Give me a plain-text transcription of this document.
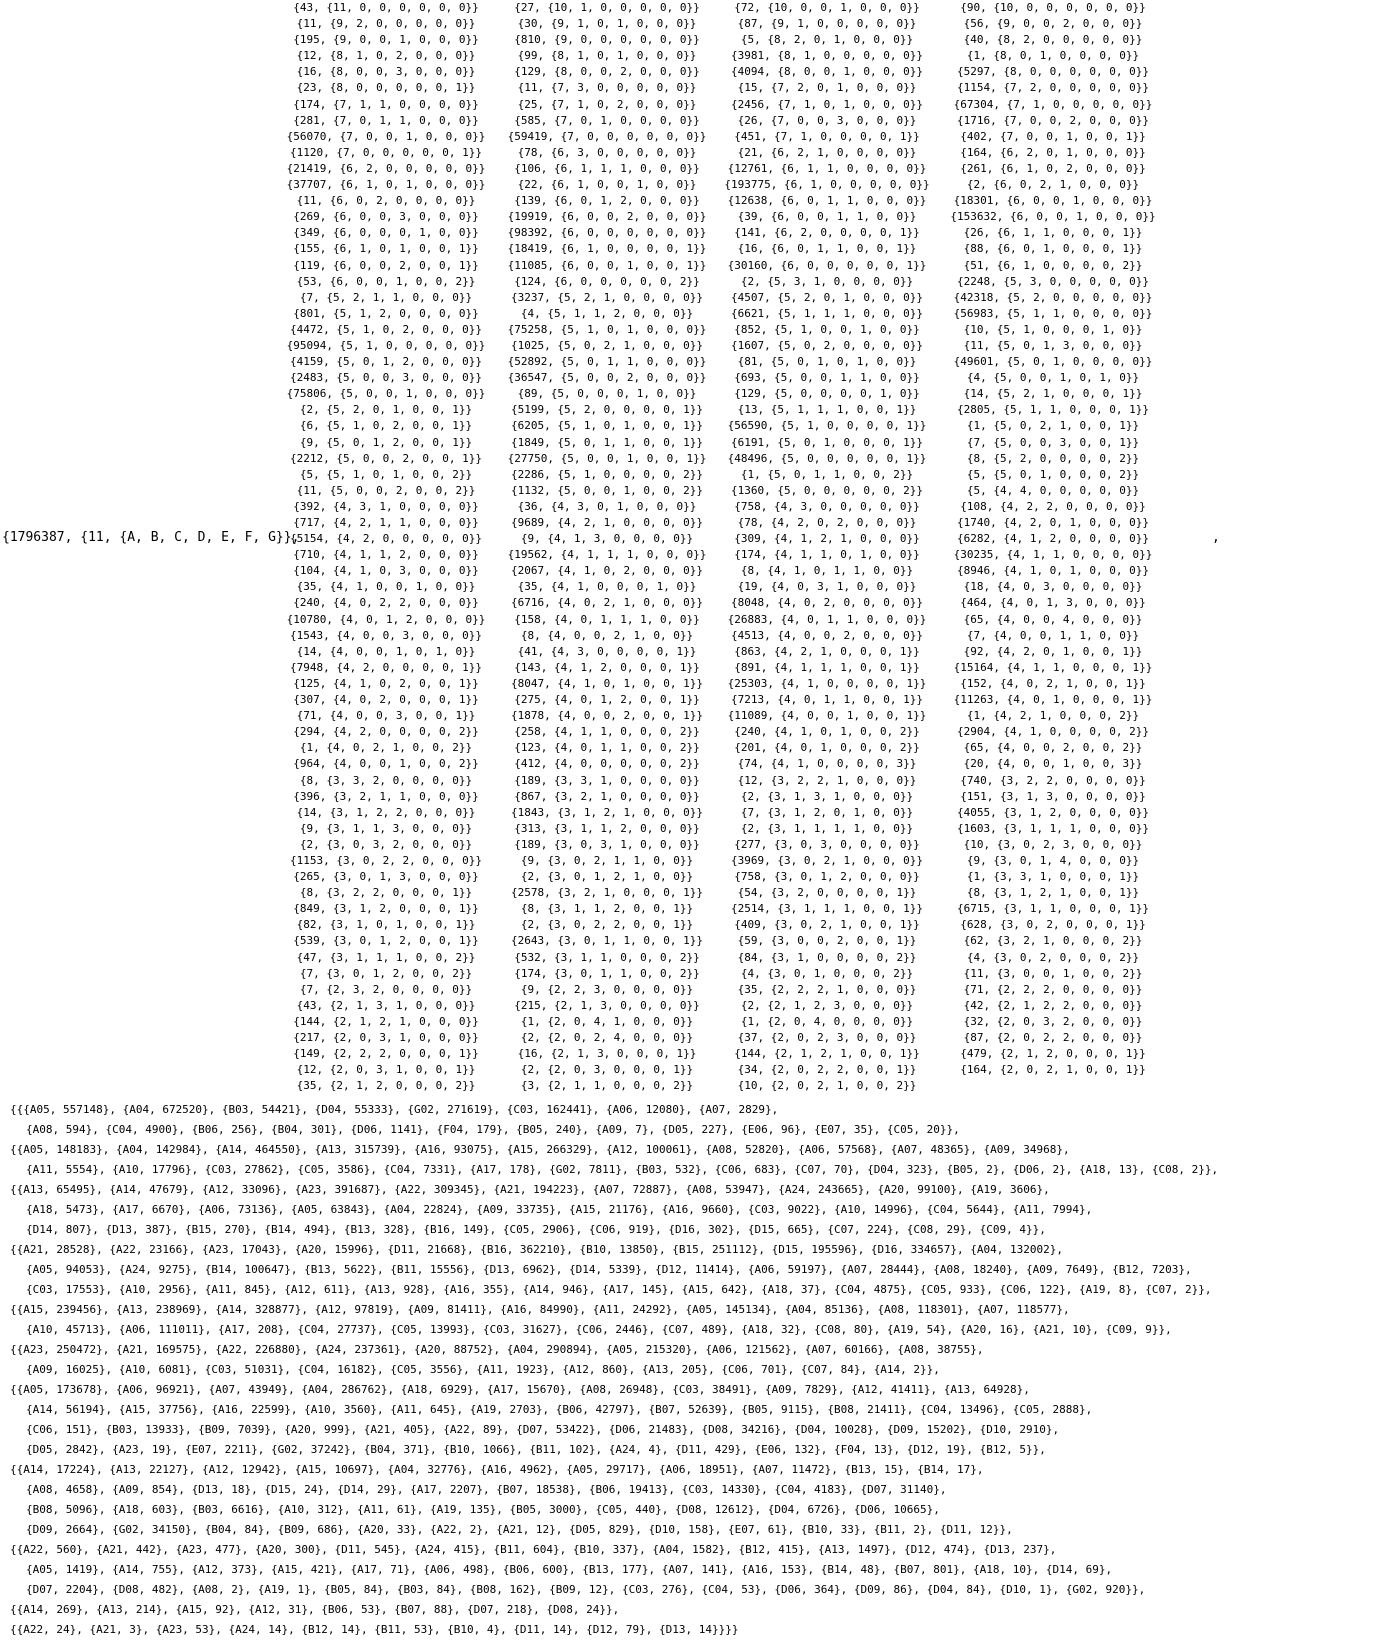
{1796387, {11, {A, B, C, D, E, F, G}},
{43, {11, 0, 0, 0, 0, 0, 0}}
{11, {9, 2, 0, 0, 0, 0, 0}}
{195, {9, 0, 0, 1, 0, 0, 0}}
{12, {8, 1, 0, 2, 0, 0, 0}}
{16, {8, 0, 0, 3, 0, 0, 0}}
{23, {8, 0, 0, 0, 0, 0, 1}}
{174, {7, 1, 1, 0, 0, 0, 0}}
{281, {7, 0, 1, 1, 0, 0, 0}}
{56070, {7, 0, 0, 1, 0, 0, 0}}
{1120, {7, 0, 0, 0, 0, 0, 1}}
{21419, {6, 2, 0, 0, 0, 0, 0}}
{37707, {6, 1, 0, 1, 0, 0, 0}}
{11, {6, 0, 2, 0, 0, 0, 0}}
{269, {6, 0, 0, 3, 0, 0, 0}}
{349, {6, 0, 0, 0, 1, 0, 0}}
{155, {6, 1, 0, 1, 0, 0, 1}}
{119, {6, 0, 0, 2, 0, 0, 1}}
{53, {6, 0, 0, 1, 0, 0, 2}}
{7, {5, 2, 1, 1, 0, 0, 0}}
{801, {5, 1, 2, 0, 0, 0, 0}}
{4472, {5, 1, 0, 2, 0, 0, 0}}
{95094, {5, 1, 0, 0, 0, 0, 0}}
{4159, {5, 0, 1, 2, 0, 0, 0}}
{2483, {5, 0, 0, 3, 0, 0, 0}}
{75806, {5, 0, 0, 1, 0, 0, 0}}
{2, {5, 2, 0, 1, 0, 0, 1}}
{6, {5, 1, 0, 2, 0, 0, 1}}
{9, {5, 0, 1, 2, 0, 0, 1}}
{2212, {5, 0, 0, 2, 0, 0, 1}}
{5, {5, 1, 0, 1, 0, 0, 2}}
{11, {5, 0, 0, 2, 0, 0, 2}}
{392, {4, 3, 1, 0, 0, 0, 0}}
{717, {4, 2, 1, 1, 0, 0, 0}}
{5154, {4, 2, 0, 0, 0, 0, 0}}
{710, {4, 1, 1, 2, 0, 0, 0}}
{104, {4, 1, 0, 3, 0, 0, 0}}
{35, {4, 1, 0, 0, 1, 0, 0}}
{240, {4, 0, 2, 2, 0, 0, 0}}
{10780, {4, 0, 1, 2, 0, 0, 0}}
{1543, {4, 0, 0, 3, 0, 0, 0}}
{14, {4, 0, 0, 1, 0, 1, 0}}
{7948, {4, 2, 0, 0, 0, 0, 1}}
{125, {4, 1, 0, 2, 0, 0, 1}}
{307, {4, 0, 2, 0, 0, 0, 1}}
{71, {4, 0, 0, 3, 0, 0, 1}}
{294, {4, 2, 0, 0, 0, 0, 2}}
{1, {4, 0, 2, 1, 0, 0, 2}}
{964, {4, 0, 0, 1, 0, 0, 2}}
{8, {3, 3, 2, 0, 0, 0, 0}}
{396, {3, 2, 1, 1, 0, 0, 0}}
{14, {3, 1, 2, 2, 0, 0, 0}}
{9, {3, 1, 1, 3, 0, 0, 0}}
{2, {3, 0, 3, 2, 0, 0, 0}}
{1153, {3, 0, 2, 2, 0, 0, 0}}
{265, {3, 0, 1, 3, 0, 0, 0}}
{8, {3, 2, 2, 0, 0, 0, 1}}
{849, {3, 1, 2, 0, 0, 0, 1}}
{82, {3, 1, 0, 1, 0, 0, 1}}
{539, {3, 0, 1, 2, 0, 0, 1}}
{47, {3, 1, 1, 1, 0, 0, 2}}
{7, {3, 0, 1, 2, 0, 0, 2}}
{7, {2, 3, 2, 0, 0, 0, 0}}
{43, {2, 1, 3, 1, 0, 0, 0}}
{144, {2, 1, 2, 1, 0, 0, 0}}
{217, {2, 0, 3, 1, 0, 0, 0}}
{149, {2, 2, 2, 0, 0, 0, 1}}
{12, {2, 0, 3, 1, 0, 0, 1}}
{35, {2, 1, 2, 0, 0, 0, 2}}
{27, {10, 1, 0, 0, 0, 0, 0}}
{30, {9, 1, 0, 1, 0, 0, 0}}
{810, {9, 0, 0, 0, 0, 0, 0}}
{99, {8, 1, 0, 1, 0, 0, 0}}
{129, {8, 0, 0, 2, 0, 0, 0}}
{11, {7, 3, 0, 0, 0, 0, 0}}
{25, {7, 1, 0, 2, 0, 0, 0}}
{585, {7, 0, 1, 0, 0, 0, 0}}
{59419, {7, 0, 0, 0, 0, 0, 0}}
{78, {6, 3, 0, 0, 0, 0, 0}}
{106, {6, 1, 1, 1, 0, 0, 0}}
{22, {6, 1, 0, 0, 1, 0, 0}}
{139, {6, 0, 1, 2, 0, 0, 0}}
{19919, {6, 0, 0, 2, 0, 0, 0}}
{98392, {6, 0, 0, 0, 0, 0, 0}}
{18419, {6, 1, 0, 0, 0, 0, 1}}
{11085, {6, 0, 0, 1, 0, 0, 1}}
{124, {6, 0, 0, 0, 0, 0, 2}}
{3237, {5, 2, 1, 0, 0, 0, 0}}
{4, {5, 1, 1, 2, 0, 0, 0}}
{75258, {5, 1, 0, 1, 0, 0, 0}}
{1025, {5, 0, 2, 1, 0, 0, 0}}
{52892, {5, 0, 1, 1, 0, 0, 0}}
{36547, {5, 0, 0, 2, 0, 0, 0}}
{89, {5, 0, 0, 0, 1, 0, 0}}
{5199, {5, 2, 0, 0, 0, 0, 1}}
{6205, {5, 1, 0, 1, 0, 0, 1}}
{1849, {5, 0, 1, 1, 0, 0, 1}}
{27750, {5, 0, 0, 1, 0, 0, 1}}
{2286, {5, 1, 0, 0, 0, 0, 2}}
{1132, {5, 0, 0, 1, 0, 0, 2}}
{36, {4, 3, 0, 1, 0, 0, 0}}
{9689, {4, 2, 1, 0, 0, 0, 0}}
{9, {4, 1, 3, 0, 0, 0, 0}}
{19562, {4, 1, 1, 1, 0, 0, 0}}
{2067, {4, 1, 0, 2, 0, 0, 0}}
{35, {4, 1, 0, 0, 0, 1, 0}}
{6716, {4, 0, 2, 1, 0, 0, 0}}
{158, {4, 0, 1, 1, 1, 0, 0}}
{8, {4, 0, 0, 2, 1, 0, 0}}
{41, {4, 3, 0, 0, 0, 0, 1}}
{143, {4, 1, 2, 0, 0, 0, 1}}
{8047, {4, 1, 0, 1, 0, 0, 1}}
{275, {4, 0, 1, 2, 0, 0, 1}}
{1878, {4, 0, 0, 2, 0, 0, 1}}
{258, {4, 1, 1, 0, 0, 0, 2}}
{123, {4, 0, 1, 1, 0, 0, 2}}
{412, {4, 0, 0, 0, 0, 0, 2}}
{189, {3, 3, 1, 0, 0, 0, 0}}
{867, {3, 2, 1, 0, 0, 0, 0}}
{1843, {3, 1, 2, 1, 0, 0, 0}}
{313, {3, 1, 1, 2, 0, 0, 0}}
{189, {3, 0, 3, 1, 0, 0, 0}}
{9, {3, 0, 2, 1, 1, 0, 0}}
{2, {3, 0, 1, 2, 1, 0, 0}}
{2578, {3, 2, 1, 0, 0, 0, 1}}
{8, {3, 1, 1, 2, 0, 0, 1}}
{2, {3, 0, 2, 2, 0, 0, 1}}
{2643, {3, 0, 1, 1, 0, 0, 1}}
{532, {3, 1, 1, 0, 0, 0, 2}}
{174, {3, 0, 1, 1, 0, 0, 2}}
{9, {2, 2, 3, 0, 0, 0, 0}}
{215, {2, 1, 3, 0, 0, 0, 0}}
{1, {2, 0, 4, 1, 0, 0, 0}}
{2, {2, 0, 2, 4, 0, 0, 0}}
{16, {2, 1, 3, 0, 0, 0, 1}}
{2, {2, 0, 3, 0, 0, 0, 1}}
{3, {2, 1, 1, 0, 0, 0, 2}}
{72, {10, 0, 0, 1, 0, 0, 0}}
{87, {9, 1, 0, 0, 0, 0, 0}}
{5, {8, 2, 0, 1, 0, 0, 0}}
{3981, {8, 1, 0, 0, 0, 0, 0}}
{4094, {8, 0, 0, 1, 0, 0, 0}}
{15, {7, 2, 0, 1, 0, 0, 0}}
{2456, {7, 1, 0, 1, 0, 0, 0}}
{26, {7, 0, 0, 3, 0, 0, 0}}
{451, {7, 1, 0, 0, 0, 0, 1}}
{21, {6, 2, 1, 0, 0, 0, 0}}
{12761, {6, 1, 1, 0, 0, 0, 0}}
{193775, {6, 1, 0, 0, 0, 0, 0}}
{12638, {6, 0, 1, 1, 0, 0, 0}}
{39, {6, 0, 0, 1, 1, 0, 0}}
{141, {6, 2, 0, 0, 0, 0, 1}}
{16, {6, 0, 1, 1, 0, 0, 1}}
{30160, {6, 0, 0, 0, 0, 0, 1}}
{2, {5, 3, 1, 0, 0, 0, 0}}
{4507, {5, 2, 0, 1, 0, 0, 0}}
{6621, {5, 1, 1, 1, 0, 0, 0}}
{852, {5, 1, 0, 0, 1, 0, 0}}
{1607, {5, 0, 2, 0, 0, 0, 0}}
{81, {5, 0, 1, 0, 1, 0, 0}}
{693, {5, 0, 0, 1, 1, 0, 0}}
{129, {5, 0, 0, 0, 0, 1, 0}}
{13, {5, 1, 1, 1, 0, 0, 1}}
{56590, {5, 1, 0, 0, 0, 0, 1}}
{6191, {5, 0, 1, 0, 0, 0, 1}}
{48496, {5, 0, 0, 0, 0, 0, 1}}
{1, {5, 0, 1, 1, 0, 0, 2}}
{1360, {5, 0, 0, 0, 0, 0, 2}}
{758, {4, 3, 0, 0, 0, 0, 0}}
{78, {4, 2, 0, 2, 0, 0, 0}}
{309, {4, 1, 2, 1, 0, 0, 0}}
{174, {4, 1, 1, 0, 1, 0, 0}}
{8, {4, 1, 0, 1, 1, 0, 0}}
{19, {4, 0, 3, 1, 0, 0, 0}}
{8048, {4, 0, 2, 0, 0, 0, 0}}
{26883, {4, 0, 1, 1, 0, 0, 0}}
{4513, {4, 0, 0, 2, 0, 0, 0}}
{863, {4, 2, 1, 0, 0, 0, 1}}
{891, {4, 1, 1, 1, 0, 0, 1}}
{25303, {4, 1, 0, 0, 0, 0, 1}}
{7213, {4, 0, 1, 1, 0, 0, 1}}
{11089, {4, 0, 0, 1, 0, 0, 1}}
{240, {4, 1, 0, 1, 0, 0, 2}}
{201, {4, 0, 1, 0, 0, 0, 2}}
{74, {4, 1, 0, 0, 0, 0, 3}}
{12, {3, 2, 2, 1, 0, 0, 0}}
{2, {3, 1, 3, 1, 0, 0, 0}}
{7, {3, 1, 2, 0, 1, 0, 0}}
{2, {3, 1, 1, 1, 1, 0, 0}}
{277, {3, 0, 3, 0, 0, 0, 0}}
{3969, {3, 0, 2, 1, 0, 0, 0}}
{758, {3, 0, 1, 2, 0, 0, 0}}
{54, {3, 2, 0, 0, 0, 0, 1}}
{2514, {3, 1, 1, 1, 0, 0, 1}}
{409, {3, 0, 2, 1, 0, 0, 1}}
{59, {3, 0, 0, 2, 0, 0, 1}}
{84, {3, 1, 0, 0, 0, 0, 2}}
{4, {3, 0, 1, 0, 0, 0, 2}}
{35, {2, 2, 2, 1, 0, 0, 0}}
{2, {2, 1, 2, 3, 0, 0, 0}}
{1, {2, 0, 4, 0, 0, 0, 0}}
{37, {2, 0, 2, 3, 0, 0, 0}}
{144, {2, 1, 2, 1, 0, 0, 1}}
{34, {2, 0, 2, 2, 0, 0, 1}}
{10, {2, 0, 2, 1, 0, 0, 2}}
{90, {10, 0, 0, 0, 0, 0, 0}}
{56, {9, 0, 0, 2, 0, 0, 0}}
{40, {8, 2, 0, 0, 0, 0, 0}}
{1, {8, 0, 1, 0, 0, 0, 0}}
{5297, {8, 0, 0, 0, 0, 0, 0}}
{1154, {7, 2, 0, 0, 0, 0, 0}}
{67304, {7, 1, 0, 0, 0, 0, 0}}
{1716, {7, 0, 0, 2, 0, 0, 0}}
{402, {7, 0, 0, 1, 0, 0, 1}}
{164, {6, 2, 0, 1, 0, 0, 0}}
{261, {6, 1, 0, 2, 0, 0, 0}}
{2, {6, 0, 2, 1, 0, 0, 0}}
{18301, {6, 0, 0, 1, 0, 0, 0}}
{153632, {6, 0, 0, 1, 0, 0, 0}}
{26, {6, 1, 1, 0, 0, 0, 1}}
{88, {6, 0, 1, 0, 0, 0, 1}}
{51, {6, 1, 0, 0, 0, 0, 2}}
{2248, {5, 3, 0, 0, 0, 0, 0}}
{42318, {5, 2, 0, 0, 0, 0, 0}}
{56983, {5, 1, 1, 0, 0, 0, 0}}
{10, {5, 1, 0, 0, 0, 1, 0}}
{11, {5, 0, 1, 3, 0, 0, 0}}
{49601, {5, 0, 1, 0, 0, 0, 0}}
{4, {5, 0, 0, 1, 0, 1, 0}}
{14, {5, 2, 1, 0, 0, 0, 1}}
{2805, {5, 1, 1, 0, 0, 0, 1}}
{1, {5, 0, 2, 1, 0, 0, 1}}
{7, {5, 0, 0, 3, 0, 0, 1}}
{8, {5, 2, 0, 0, 0, 0, 2}}
{5, {5, 0, 1, 0, 0, 0, 2}}
{5, {4, 4, 0, 0, 0, 0, 0}}
{108, {4, 2, 2, 0, 0, 0, 0}}
{1740, {4, 2, 0, 1, 0, 0, 0}}
{6282, {4, 1, 2, 0, 0, 0, 0}}
{30235, {4, 1, 1, 0, 0, 0, 0}}
{8946, {4, 1, 0, 1, 0, 0, 0}}
{18, {4, 0, 3, 0, 0, 0, 0}}
{464, {4, 0, 1, 3, 0, 0, 0}}
{65, {4, 0, 0, 4, 0, 0, 0}}
{7, {4, 0, 0, 1, 1, 0, 0}}
{92, {4, 2, 0, 1, 0, 0, 1}}
{15164, {4, 1, 1, 0, 0, 0, 1}}
{152, {4, 0, 2, 1, 0, 0, 1}}
{11263, {4, 0, 1, 0, 0, 0, 1}}
{1, {4, 2, 1, 0, 0, 0, 2}}
{2904, {4, 1, 0, 0, 0, 0, 2}}
{65, {4, 0, 0, 2, 0, 0, 2}}
{20, {4, 0, 0, 1, 0, 0, 3}}
{740, {3, 2, 2, 0, 0, 0, 0}}
{151, {3, 1, 3, 0, 0, 0, 0}}
{4055, {3, 1, 2, 0, 0, 0, 0}}
{1603, {3, 1, 1, 1, 0, 0, 0}}
{10, {3, 0, 2, 3, 0, 0, 0}}
{9, {3, 0, 1, 4, 0, 0, 0}}
{1, {3, 3, 1, 0, 0, 0, 1}}
{8, {3, 1, 2, 1, 0, 0, 1}}
{6715, {3, 1, 1, 0, 0, 0, 1}}
{628, {3, 0, 2, 0, 0, 0, 1}}
{62, {3, 2, 1, 0, 0, 0, 2}}
{4, {3, 0, 2, 0, 0, 0, 2}}
{11, {3, 0, 0, 1, 0, 0, 2}}
{71, {2, 2, 2, 0, 0, 0, 0}}
{42, {2, 1, 2, 2, 0, 0, 0}}
{32, {2, 0, 3, 2, 0, 0, 0}}
{87, {2, 0, 2, 2, 0, 0, 0}}
{479, {2, 1, 2, 0, 0, 0, 1}}
{164, {2, 0, 2, 1, 0, 0, 1}}
,
{{{A05, 557148}, {A04, 672520}, {B03, 54421}, {D04, 55333}, {G02, 271619}, {C03, 162441}, {A06, 12080}, {A07, 2829},
{A08, 594}, {C04, 4900}, {B06, 256}, {B04, 301}, {D06, 1141}, {F04, 179}, {B05, 240}, {A09, 7}, {D05, 227}, {E06, 96}, {E07, 35}, {C05, 20}},
{{A05, 148183}, {A04, 142984}, {A14, 464550}, {A13, 315739}, {A16, 93075}, {A15, 266329}, {A12, 100061}, {A08, 52820}, {A06, 57568}, {A07, 48365}, {A09, 34968},
{A11, 5554}, {A10, 17796}, {C03, 27862}, {C05, 3586}, {C04, 7331}, {A17, 178}, {G02, 7811}, {B03, 532}, {C06, 683}, {C07, 70}, {D04, 323}, {B05, 2}, {D06, 2}, {A18, 13}, {C08, 2}},
{{A13, 65495}, {A14, 47679}, {A12, 33096}, {A23, 391687}, {A22, 309345}, {A21, 194223}, {A07, 72887}, {A08, 53947}, {A24, 243665}, {A20, 99100}, {A19, 3606},
{A18, 5473}, {A17, 6670}, {A06, 73136}, {A05, 63843}, {A04, 22824}, {A09, 33735}, {A15, 21176}, {A16, 9660}, {C03, 9022}, {A10, 14996}, {C04, 5644}, {A11, 7994},
{D14, 807}, {D13, 387}, {B15, 270}, {B14, 494}, {B13, 328}, {B16, 149}, {C05, 2906}, {C06, 919}, {D16, 302}, {D15, 665}, {C07, 224}, {C08, 29}, {C09, 4}},
{{A21, 28528}, {A22, 23166}, {A23, 17043}, {A20, 15996}, {D11, 21668}, {B16, 362210}, {B10, 13850}, {B15, 251112}, {D15, 195596}, {D16, 334657}, {A04, 132002},
{A05, 94053}, {A24, 9275}, {B14, 100647}, {B13, 5622}, {B11, 15556}, {D13, 6962}, {D14, 5339}, {D12, 11414}, {A06, 59197}, {A07, 28444}, {A08, 18240}, {A09, 7649}, {B12, 7203},
{C03, 17553}, {A10, 2956}, {A11, 845}, {A12, 611}, {A13, 928}, {A16, 355}, {A14, 946}, {A17, 145}, {A15, 642}, {A18, 37}, {C04, 4875}, {C05, 933}, {C06, 122}, {A19, 8}, {C07, 2}},
{{A15, 239456}, {A13, 238969}, {A14, 328877}, {A12, 97819}, {A09, 81411}, {A16, 84990}, {A11, 24292}, {A05, 145134}, {A04, 85136}, {A08, 118301}, {A07, 118577},
{A10, 45713}, {A06, 111011}, {A17, 208}, {C04, 27737}, {C05, 13993}, {C03, 31627}, {C06, 2446}, {C07, 489}, {A18, 32}, {C08, 80}, {A19, 54}, {A20, 16}, {A21, 10}, {C09, 9}},
{{A23, 250472}, {A21, 169575}, {A22, 226880}, {A24, 237361}, {A20, 88752}, {A04, 290894}, {A05, 215320}, {A06, 121562}, {A07, 60166}, {A08, 38755},
{A09, 16025}, {A10, 6081}, {C03, 51031}, {C04, 16182}, {C05, 3556}, {A11, 1923}, {A12, 860}, {A13, 205}, {C06, 701}, {C07, 84}, {A14, 2}},
{{A05, 173678}, {A06, 96921}, {A07, 43949}, {A04, 286762}, {A18, 6929}, {A17, 15670}, {A08, 26948}, {C03, 38491}, {A09, 7829}, {A12, 41411}, {A13, 64928},
{A14, 56194}, {A15, 37756}, {A16, 22599}, {A10, 3560}, {A11, 645}, {A19, 2703}, {B06, 42797}, {B07, 52639}, {B05, 9115}, {B08, 21411}, {C04, 13496}, {C05, 2888},
{C06, 151}, {B03, 13933}, {B09, 7039}, {A20, 999}, {A21, 405}, {A22, 89}, {D07, 53422}, {D06, 21483}, {D08, 34216}, {D04, 10028}, {D09, 15202}, {D10, 2910},
{D05, 2842}, {A23, 19}, {E07, 2211}, {G02, 37242}, {B04, 371}, {B10, 1066}, {B11, 102}, {A24, 4}, {D11, 429}, {E06, 132}, {F04, 13}, {D12, 19}, {B12, 5}},
{{A14, 17224}, {A13, 22127}, {A12, 12942}, {A15, 10697}, {A04, 32776}, {A16, 4962}, {A05, 29717}, {A06, 18951}, {A07, 11472}, {B13, 15}, {B14, 17},
{A08, 4658}, {A09, 854}, {D13, 18}, {D15, 24}, {D14, 29}, {A17, 2207}, {B07, 18538}, {B06, 19413}, {C03, 14330}, {C04, 4183}, {D07, 31140},
{B08, 5096}, {A18, 603}, {B03, 6616}, {A10, 312}, {A11, 61}, {A19, 135}, {B05, 3000}, {C05, 440}, {D08, 12612}, {D04, 6726}, {D06, 10665},
{D09, 2664}, {G02, 34150}, {B04, 84}, {B09, 686}, {A20, 33}, {A22, 2}, {A21, 12}, {D05, 829}, {D10, 158}, {E07, 61}, {B10, 33}, {B11, 2}, {D11, 12}},
{{A22, 560}, {A21, 442}, {A23, 477}, {A20, 300}, {D11, 545}, {A24, 415}, {B11, 604}, {B10, 337}, {A04, 1582}, {B12, 415}, {A13, 1497}, {D12, 474}, {D13, 237},
{A05, 1419}, {A14, 755}, {A12, 373}, {A15, 421}, {A17, 71}, {A06, 498}, {B06, 600}, {B13, 177}, {A07, 141}, {A16, 153}, {B14, 48}, {B07, 801}, {A18, 10}, {D14, 69},
{D07, 2204}, {D08, 482}, {A08, 2}, {A19, 1}, {B05, 84}, {B03, 84}, {B08, 162}, {B09, 12}, {C03, 276}, {C04, 53}, {D06, 364}, {D09, 86}, {D04, 84}, {D10, 1}, {G02, 920}},
{{A14, 269}, {A13, 214}, {A15, 92}, {A12, 31}, {B06, 53}, {B07, 88}, {D07, 218}, {D08, 24}},
{{A22, 24}, {A21, 3}, {A23, 53}, {A24, 14}, {B12, 14}, {B11, 53}, {B10, 4}, {D11, 14}, {D12, 79}, {D13, 14}}}}
